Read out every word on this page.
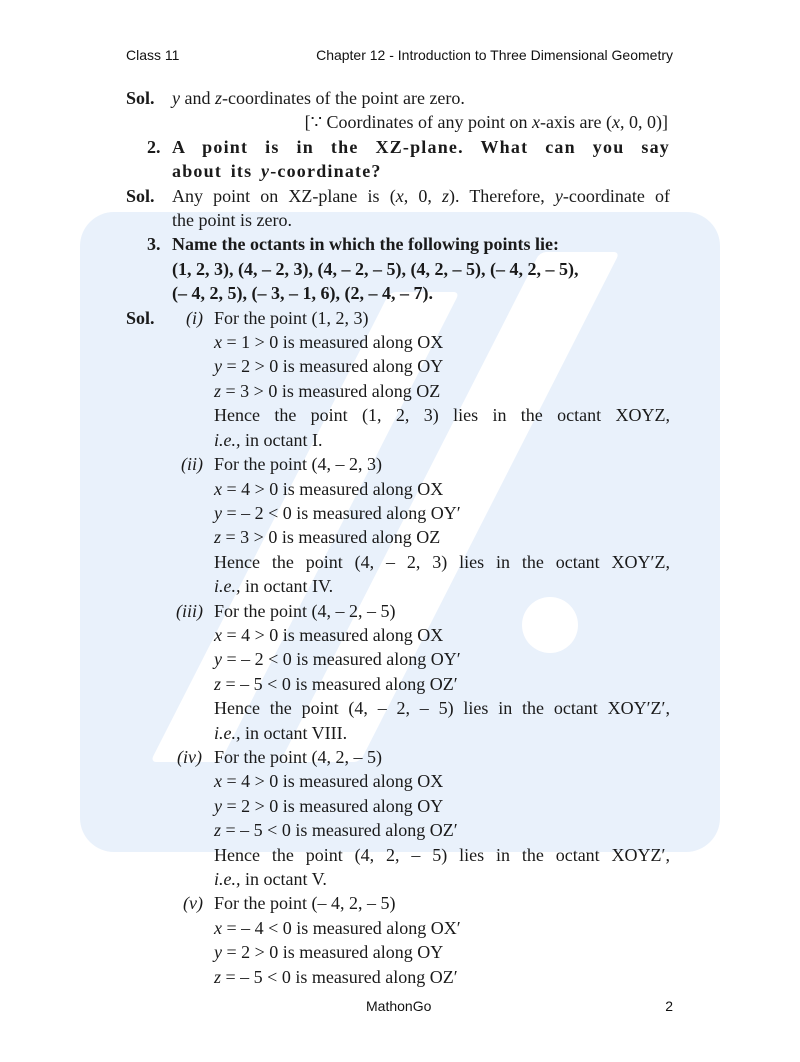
Class 11	Chapter 12 - Introduction to Three Dimensional Geometry
Sol. y and z-coordinates of the point are zero.
[∵ Coordinates of any point on x-axis are (x, 0, 0)]
2. A point is in the XZ-plane. What can you say
about its y-coordinate?
Sol. Any point on XZ-plane is (x, 0, z). Therefore, y-coordinate of
the point is zero.
3. Name the octants in which the following points lie:
(1, 2, 3), (4, – 2, 3), (4, – 2, – 5), (4, 2, – 5), (– 4, 2, – 5),
(– 4, 2, 5), (– 3, – 1, 6), (2, – 4, – 7).
Sol. (i) For the point (1, 2, 3)
x = 1 > 0 is measured along OX
y = 2 > 0 is measured along OY
z = 3 > 0 is measured along OZ
Hence the point (1, 2, 3) lies in the octant XOYZ,
i.e., in octant I.
(ii) For the point (4, – 2, 3)
x = 4 > 0 is measured along OX
y = – 2 < 0 is measured along OY′
z = 3 > 0 is measured along OZ
Hence the point (4, – 2, 3) lies in the octant XOY′Z,
i.e., in octant IV.
(iii) For the point (4, – 2, – 5)
x = 4 > 0 is measured along OX
y = – 2 < 0 is measured along OY′
z = – 5 < 0 is measured along OZ′
Hence the point (4, – 2, – 5) lies in the octant XOY′Z′,
i.e., in octant VIII.
(iv) For the point (4, 2, – 5)
x = 4 > 0 is measured along OX
y = 2 > 0 is measured along OY
z = – 5 < 0 is measured along OZ′
Hence the point (4, 2, – 5) lies in the octant XOYZ′,
i.e., in octant V.
(v) For the point (– 4, 2, – 5)
x = – 4 < 0 is measured along OX′
y = 2 > 0 is measured along OY
z = – 5 < 0 is measured along OZ′
MathonGo	2
